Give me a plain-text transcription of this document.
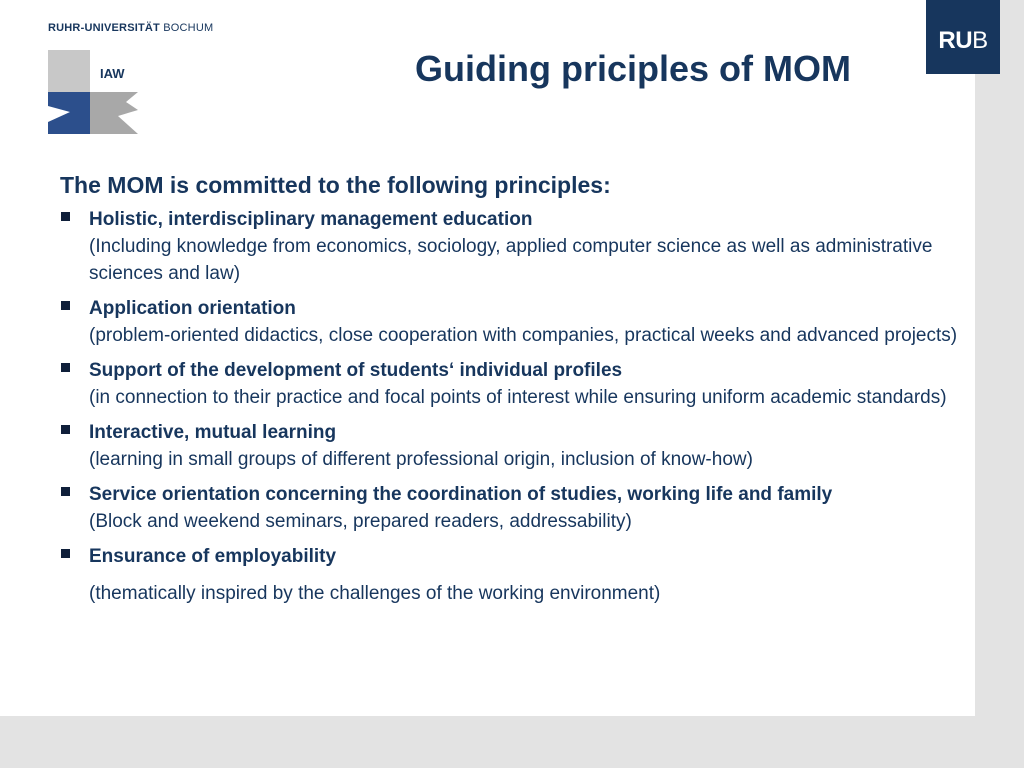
RUHR-UNIVERSITÄT BOCHUM
IAW	Guiding priciples of MOM
The MOM is committed to the following principles:
Holistic, interdisciplinary management education
(Including knowledge from economics, sociology, applied computer science as well as administrative sciences and law)
Application orientation
(problem-oriented didactics, close cooperation with companies, practical weeks and advanced projects)
Support of the development of students‘ individual profiles
(in connection to their practice and focal points of interest while ensuring uniform academic standards)
Interactive, mutual learning
(learning in small groups of different professional origin, inclusion of know-how)
Service orientation concerning the coordination of studies, working life and family
(Block and weekend seminars, prepared readers, addressability)
Ensurance of employability
(thematically inspired by the challenges of the working environment)
RUB
